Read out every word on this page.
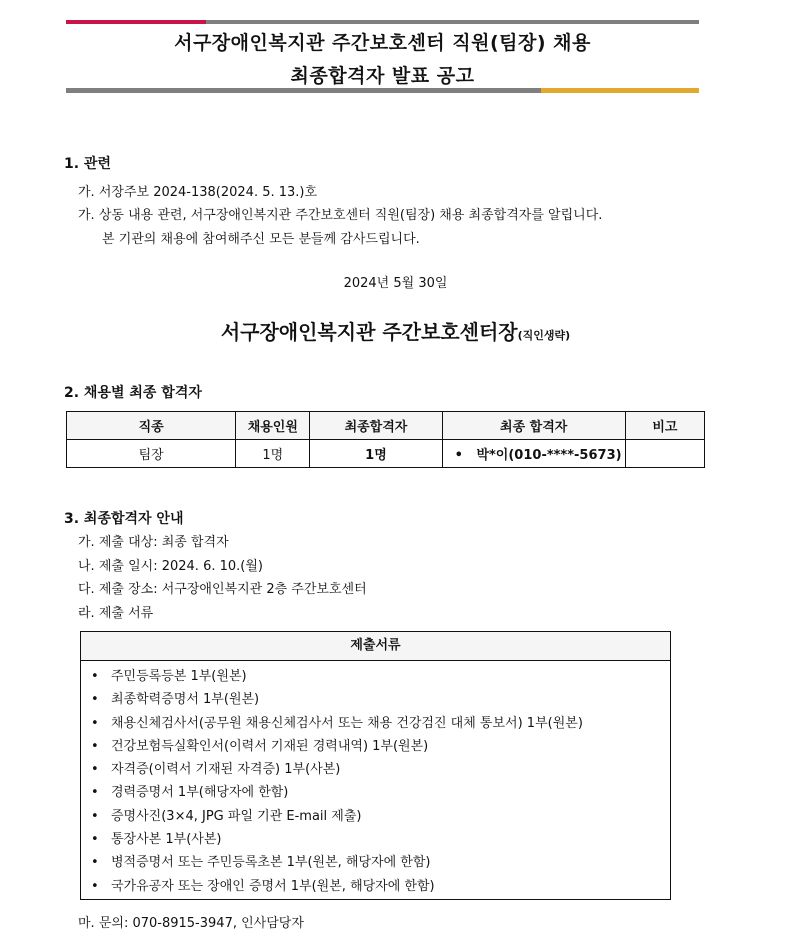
서구장애인복지관 주간보호센터 직원(팀장) 채용
최종합격자 발표 공고
1. 관련
가. 서장주보 2024-138(2024. 5. 13.)호
가. 상동 내용 관련, 서구장애인복지관 주간보호센터 직원(팀장) 채용 최종합격자를 알립니다.
본 기관의 채용에 참여해주신 모든 분들께 감사드립니다.
2024년 5월 30일
서구장애인복지관 주간보호센터장(직인생략)
2. 채용별 최종 합격자
직종	채용인원	최종합격자	최종 합격자	비고
팀장	1명	1명	• 박*이(010-****-5673)	
3. 최종합격자 안내
가. 제출 대상: 최종 합격자
나. 제출 일시: 2024. 6. 10.(월)
다. 제출 장소: 서구장애인복지관 2층 주간보호센터
라. 제출 서류
제출서류
• 주민등록등본 1부(원본)
• 최종학력증명서 1부(원본)
• 채용신체검사서(공무원 채용신체검사서 또는 채용 건강검진 대체 통보서) 1부(원본)
• 건강보험득실확인서(이력서 기재된 경력내역) 1부(원본)
• 자격증(이력서 기재된 자격증) 1부(사본)
• 경력증명서 1부(해당자에 한함)
• 증명사진(3×4, JPG 파일 기관 E-mail 제출)
• 통장사본 1부(사본)
• 병적증명서 또는 주민등록초본 1부(원본, 해당자에 한함)
• 국가유공자 또는 장애인 증명서 1부(원본, 해당자에 한함)
마. 문의: 070-8915-3947, 인사담당자
